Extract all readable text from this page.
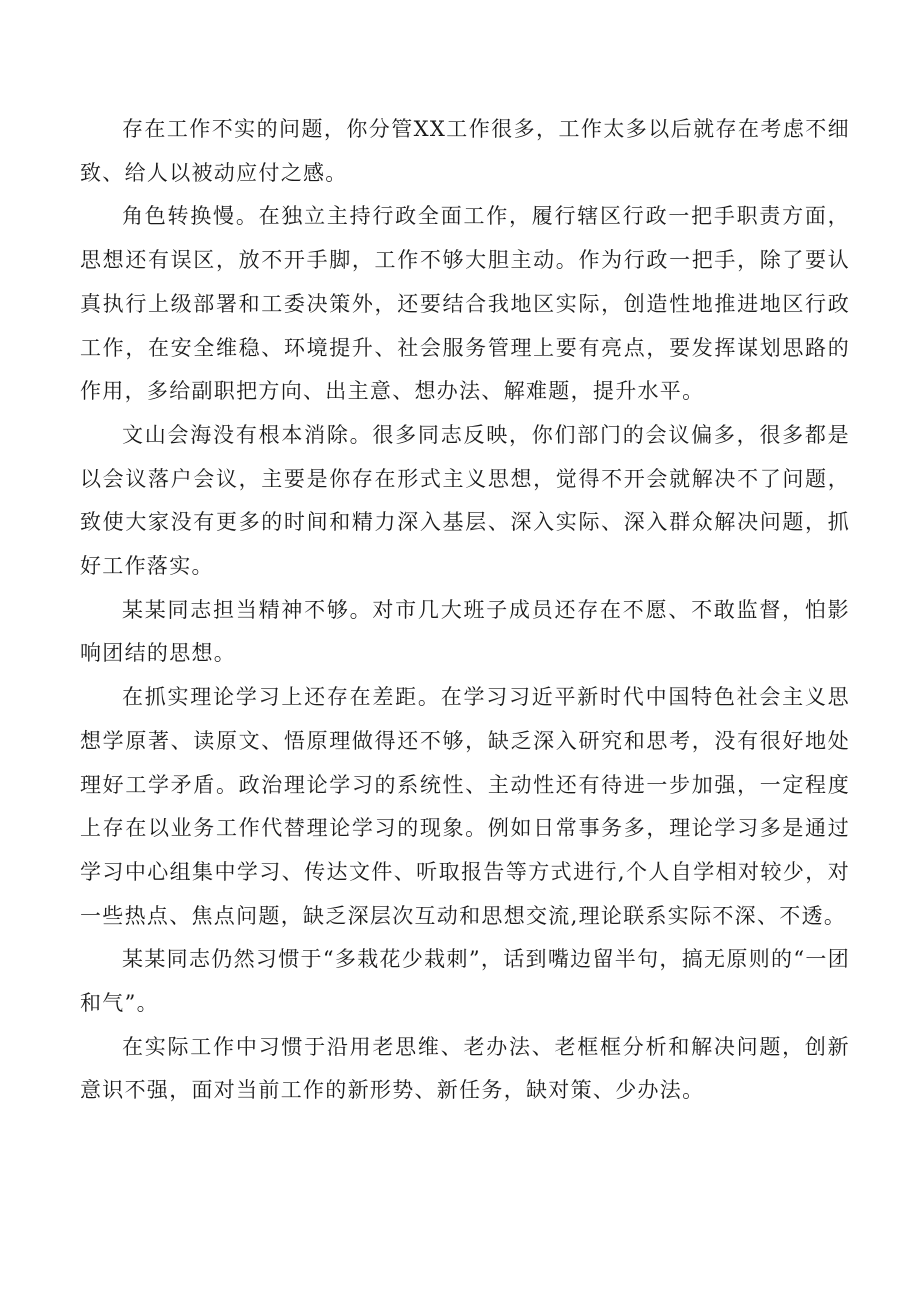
存在工作不实的问题，你分管XX工作很多，工作太多以后就存在考虑不细致、给人以被动应付之感。

角色转换慢。在独立主持行政全面工作，履行辖区行政一把手职责方面，思想还有误区，放不开手脚，工作不够大胆主动。作为行政一把手，除了要认真执行上级部署和工委决策外，还要结合我地区实际，创造性地推进地区行政工作，在安全维稳、环境提升、社会服务管理上要有亮点，要发挥谋划思路的作用，多给副职把方向、出主意、想办法、解难题，提升水平。

文山会海没有根本消除。很多同志反映，你们部门的会议偏多，很多都是以会议落户会议，主要是你存在形式主义思想，觉得不开会就解决不了问题，致使大家没有更多的时间和精力深入基层、深入实际、深入群众解决问题，抓好工作落实。

某某同志担当精神不够。对市几大班子成员还存在不愿、不敢监督，怕影响团结的思想。

在抓实理论学习上还存在差距。在学习习近平新时代中国特色社会主义思想学原著、读原文、悟原理做得还不够，缺乏深入研究和思考，没有很好地处理好工学矛盾。政治理论学习的系统性、主动性还有待进一步加强，一定程度上存在以业务工作代替理论学习的现象。例如日常事务多，理论学习多是通过学习中心组集中学习、传达文件、听取报告等方式进行,个人自学相对较少，对一些热点、焦点问题，缺乏深层次互动和思想交流,理论联系实际不深、不透。

某某同志仍然习惯于“多栽花少栽刺”，话到嘴边留半句，搞无原则的“一团和气”。

在实际工作中习惯于沿用老思维、老办法、老框框分析和解决问题，创新意识不强，面对当前工作的新形势、新任务，缺对策、少办法。
